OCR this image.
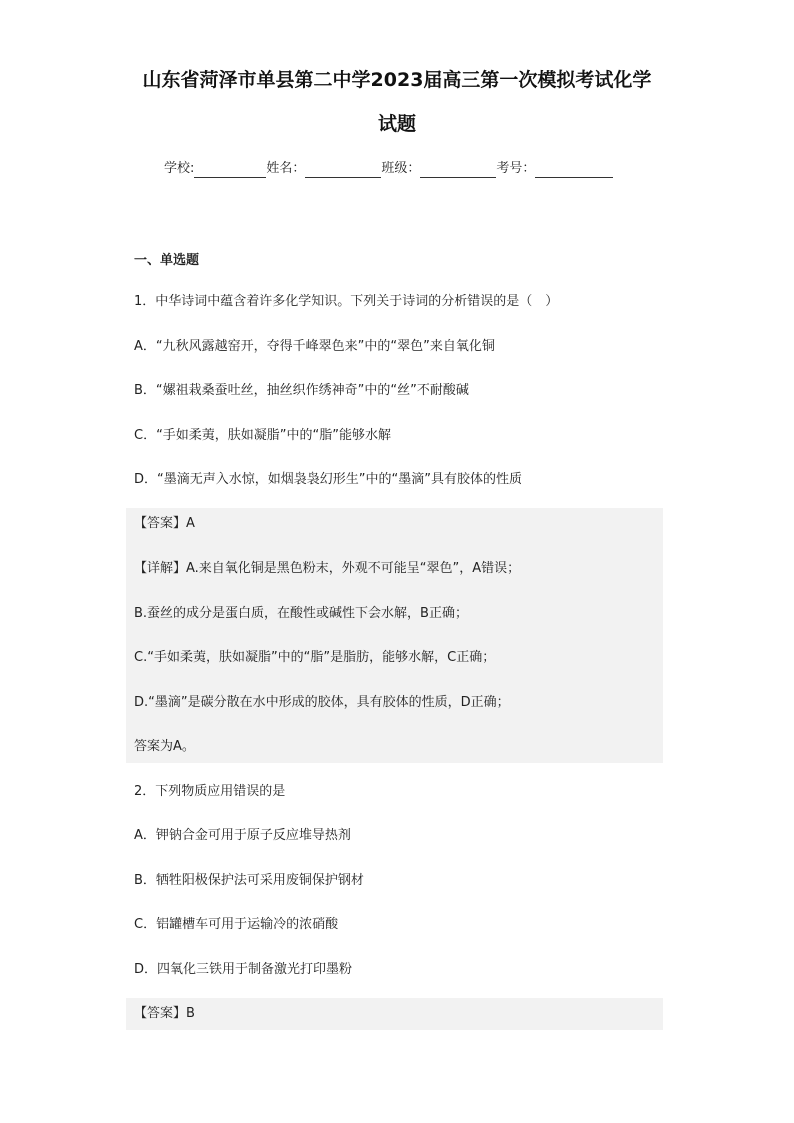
山东省菏泽市单县第二中学2023届高三第一次模拟考试化学
试题
学校:	姓名：	班级：	考号：
一、单选题
1．中华诗词中蕴含着许多化学知识。下列关于诗词的分析错误的是（　）
A．“九秋风露越窑开，夺得千峰翠色来”中的“翠色”来自氧化铜
B．“嫘祖栽桑蚕吐丝，抽丝织作绣神奇”中的“丝”不耐酸碱
C．“手如柔荑，肤如凝脂”中的“脂”能够水解
D．“墨滴无声入水惊，如烟袅袅幻形生”中的“墨滴”具有胶体的性质
【答案】A
【详解】A.来自氧化铜是黑色粉末，外观不可能呈“翠色”，A错误；
B.蚕丝的成分是蛋白质，在酸性或碱性下会水解，B正确；
C.“手如柔荑，肤如凝脂”中的“脂”是脂肪，能够水解，C正确；
D.“墨滴”是碳分散在水中形成的胶体，具有胶体的性质，D正确；
答案为A。
2．下列物质应用错误的是
A．钾钠合金可用于原子反应堆导热剂
B．牺牲阳极保护法可采用废铜保护钢材
C．铝罐槽车可用于运输冷的浓硝酸
D．四氧化三铁用于制备激光打印墨粉
【答案】B
